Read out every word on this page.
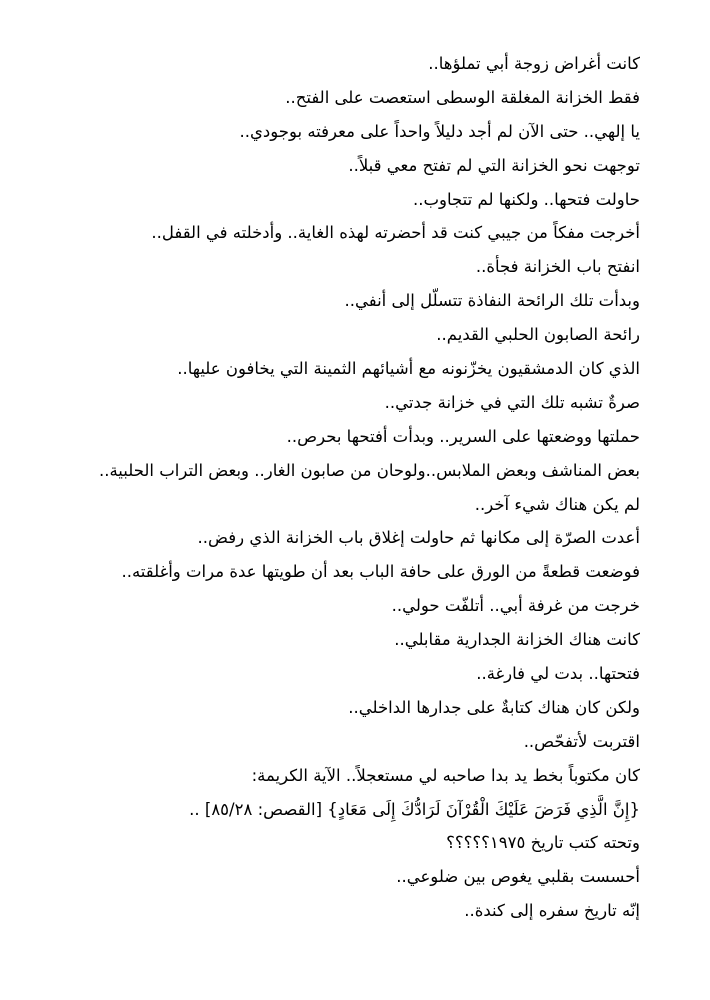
كانت أغراض زوجة أبي تملؤها..
فقط الخزانة المغلقة الوسطى استعصت على الفتح..
يا إلهي.. حتى الآن لم أجد دليلاً واحداً على معرفته بوجودي..
توجهت نحو الخزانة التي لم تفتح معي قبلاً..
حاولت فتحها.. ولكنها لم تتجاوب..
أخرجت مفكاً من جيبي كنت قد أحضرته لهذه الغاية.. وأدخلته في القفل..
انفتح باب الخزانة فجأة..
وبدأت تلك الرائحة النفاذة تتسلّل إلى أنفي..
رائحة الصابون الحلبي القديم..
الذي كان الدمشقيون يخزّنونه مع أشيائهم الثمينة التي يخافون عليها..
صرةٌ تشبه تلك التي في خزانة جدتي..
حملتها ووضعتها على السرير.. وبدأت أفتحها بحرص..
بعض المناشف وبعض الملابس..ولوحان من صابون الغار.. وبعض التراب الحلبية..
لم يكن هناك شيء آخر..
أعدت الصرّة إلى مكانها ثم حاولت إغلاق باب الخزانة الذي رفض..
فوضعت قطعةً من الورق على حافة الباب بعد أن طويتها عدة مرات وأغلقته..
خرجت من غرفة أبي.. أتلفّت حولي..
كانت هناك الخزانة الجدارية مقابلي..
فتحتها.. بدت لي فارغة..
ولكن كان هناك كتابةٌ على جدارها الداخلي..
اقتربت لأتفحّص..
كان مكتوباً بخط يد بدا صاحبه لي مستعجلاً.. الآية الكريمة:
{إِنَّ الَّذِي فَرَضَ عَلَيْكَ الْقُرْآنَ لَرَادُّكَ إِلَى مَعَادٍ} [القصص: ٨٥/٢٨] ..
وتحته كتب تاريخ ١٩٧٥؟؟؟؟؟
أحسست بقلبي يغوص بين ضلوعي..
إنّه تاريخ سفره إلى كندة..
